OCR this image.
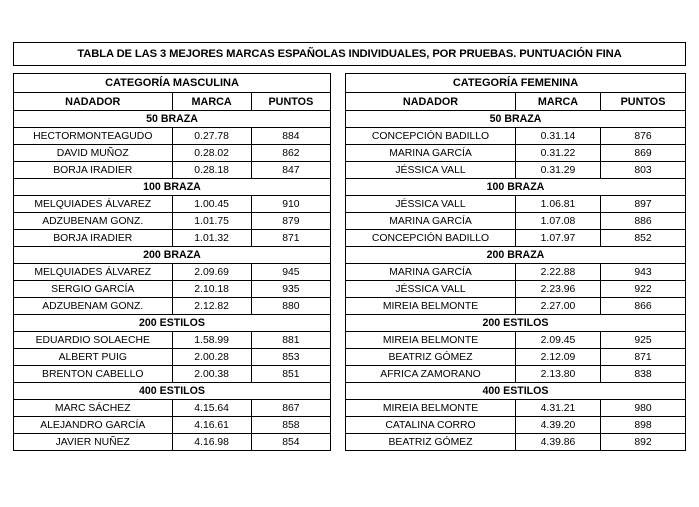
TABLA DE LAS 3 MEJORES MARCAS ESPAÑOLAS INDIVIDUALES, POR PRUEBAS. PUNTUACIÓN FINA

CATEGORÍA MASCULINA		
NADADOR	MARCA	PUNTOS
50 BRAZA		
HECTORMONTEAGUDO	0.27.78	884
DAVID MUÑOZ	0.28.02	862
BORJA IRADIER	0.28.18	847
100 BRAZA		
MELQUIADES ÁLVAREZ	1.00.45	910
ADZUBENAM GONZ.	1.01.75	879
BORJA IRADIER	1.01.32	871
200 BRAZA		
MELQUIADES ÁLVAREZ	2.09.69	945
SERGIO GARCÍA	2.10.18	935
ADZUBENAM GONZ.	2.12.82	880
200 ESTILOS		
EDUARDIO SOLAECHE	1.58.99	881
ALBERT PUIG	2.00.28	853
BRENTON CABELLO	2.00.38	851
400 ESTILOS		
MARC SÁCHEZ	4.15.64	867
ALEJANDRO GARCÍA	4.16.61	858
JAVIER NUÑEZ	4.16.98	854
CATEGORÍA FEMENINA		
NADADOR	MARCA	PUNTOS
50 BRAZA		
CONCEPCIÓN BADILLO	0.31.14	876
MARINA GARCÍA	0.31.22	869
JÉSSICA VALL	0.31.29	803
100 BRAZA		
JÉSSICA VALL	1.06.81	897
MARINA GARCÍA	1.07.08	886
CONCEPCIÓN BADILLO	1.07.97	852
200 BRAZA		
MARINA GARCÍA	2.22.88	943
JÉSSICA VALL	2.23.96	922
MIREIA BELMONTE	2.27.00	866
200 ESTILOS		
MIREIA BELMONTE	2.09.45	925
BEATRIZ GÓMEZ	2.12.09	871
AFRICA ZAMORANO	2.13.80	838
400 ESTILOS		
MIREIA BELMONTE	4.31.21	980
CATALINA CORRO	4.39.20	898
BEATRIZ GÓMEZ	4.39.86	892
